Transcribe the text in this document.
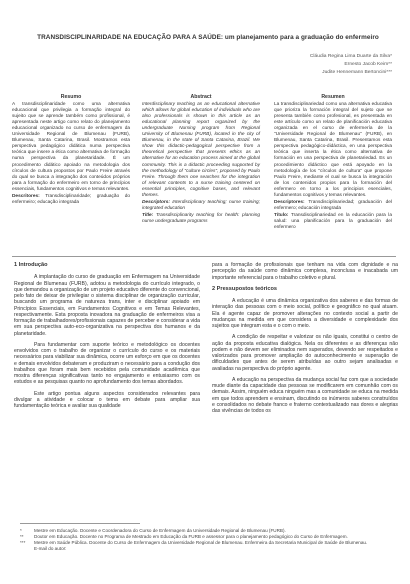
TRANSDISCIPLINARIDADE NA EDUCAÇÃO PARA A SAÚDE: um planejamento para a graduação do enfermeiro
Cláudia Regina Lima Duarte da Silva*
Ernesto Jacob Keim**
Judite Hennemann Bertoncini***
Resumo

A transdisciplinaridade como uma alternativa educacional que privilegia a formação integral do sujeito que se aprende também como profissional, é apresentada neste artigo como relato do planejamento educacional organizado no curso de enfermagem da Universidade Regional de Blumenau (FURB), Blumenau, Santa Catarina, Brasil. Mostramos esta perspectiva pedagógico didática numa perspectiva teórica que insere a ética como alternativa de formação numa perspectiva da planetaridade. É um procedimento didático apoiado na metodologia dos círculos de cultura propostos por Paulo Freire através do qual se busca a integração dos conteúdos próprios para a formação do enfermeiro em torno de princípios essenciais, fundamentos cognitivos e temas relevantes.

Descritores: Transdisciplinaridade; graduação do enfermeiro; educação integrada

Abstract

Interdisciplinary teaching as an educational alternative which allows for global education of individuals who are also professionals is shown in this article as an educational planning report organized by the undergraduate Nursing program from Regional University of Blumenau (FURB), located in the city of Blumenau, in the state of Santa Catarina, Brazil. We show this didactic-pedagogical perspective from a theoretical perspective that presents ethics as an alternative for an education process aimed at the global community. This is a didactic proceeding supported by the methodology of "culture circles", proposed by Paulo Freire. Through them one searches for the integration of relevant contents to a nurse training centered on essential principles, cognitive bases, and relevant themes.

Descriptors: Interdisciplinary teaching; nurse training; integrated education

Title: Transdisciplinarity teaching for health: planning nurse undergraduate programs

Resumen

La transdisciplinariedad como una alternativa educativa que prioriza la formación integral del sujeto que se presenta también como profesional, es presentada en este artículo como un relato de planificación educativa organizada en el curso de enfermería de la "Universidade Regional de Blumenau" (FURB), en Blumenau, Santa Catarina, Brasil. Presentamos esta perspectiva pedagógico-didáctica, en una perspectiva teórica que inserta la ética como alternativa de formación en una perspectiva de planetariedad. Es un procedimiento didáctico que está apoyado en la metodología de los "círculos de cultura" que propone Paulo Freire, mediante el cual se busca la integración de los contenidos propios para la formación del enfermero en torno a los principios esenciales, fundamentos cognitivos y temas relevantes.

Descriptores: Transdisciplinariedad; graduación del enfermero; educación integrada

Título: Transdisciplinariedad en la educación para la salud: una planificación para la graduación del enfermero

1 Introdução

A implantação do curso de graduação em Enfermagem na Universidade Regional de Blumenau (FURB), adotou a metodologia do currículo integrado, o que demandou a organização de um projeto educativo diferente do convencional, pelo fato de deixar de privilegiar o sistema disciplinar de organização curricular, buscando um programa de natureza trans, inter e disciplinar apoiado em Princípios Essenciais, em Fundamentos Cognitivos e em Temas Relevantes, respectivamente. Esta proposta inovadora na graduação de enfermeiros visa a formação de trabalhadores/profissionais capazes de perceber e considerar a vida em sua perspectiva auto-eco-organizativa na perspectiva dos humanos e da planetaridade.

Para fundamentar com suporte teórico e metodológico os docentes envolvidos com o trabalho de organizar o currículo do curso e os materiais necessários para viabilizar sua dinâmica, ocorre um esforço em que os docentes e demais envolvidos debateram e produziram o necessário para a condução dos trabalhos que foram mais bem recebidos pela comunidade acadêmica que mostra diferenças significativas tanto no engajamento e entusiasmo com os estudos e as pesquisas quanto no aprofundamento dos temas abordados.

Este artigo pontua alguns aspectos considerados relevantes para divulgar a atividade e colocar o tema em debate para ampliar sua fundamentação teórica e avaliar sua qualidade

para a formação de profissionais que tenham na vida com dignidade e na percepção da saúde como dinâmica complexa, inconclusa e inacabada um importante referencial para o trabalho coletivo e plural.

2 Pressupostos teóricos

A educação é uma dinâmica organizativa dos saberes e das formas de interação das pessoas com o meio social, político e geográfico no qual atuam. Ela é agente capaz de promover alterações no contexto social a partir de mudanças na medida em que considera a diversidade e complexidade dos sujeitos que integram esta e o com o meio.

A condição de respeitar e valorizar os não iguais, constitui o centro de ação da proposta educativa dialógica. Nela os diferentes e as diferenças não podem e não devem ser eliminados nem superados, devendo ser respeitados e valorizados para promover ampliação do autoconhecimento e superação de dificuldades que antes de serem atribuídas ao outro sejam analisadas e avaliadas na perspectiva do próprio agente.

A educação na perspectiva da mudança social faz com que a sociedade mude diante da capacidade das pessoas se modificarem em comunhão com os demais. Assim, ninguém educa ninguém mas a comunidade se educa na medida em que todos aprendem e ensinam, discutindo os inúmeros saberes construídos e consolidados no debate franco e fraterno contextualizado nas dores e alegrias das vivências de todos os

*	Mestre em Educação. Docente e Coordenadora do Curso de Enfermagem da Universidade Regional de Blumenau (FURB).
**	Doutor em Educação. Docente no Programa de Mestrado em Educação da FURB e assessor para o planejamento pedagógico do Curso de Enfermagem.
***	Mestre em Saúde Pública. Docente do Curso de Enfermagem da Universidade Regional de Blumenau. Enfermeira da Secretaria Municipal de Saúde de Blumenau.
E-mail do autor:
